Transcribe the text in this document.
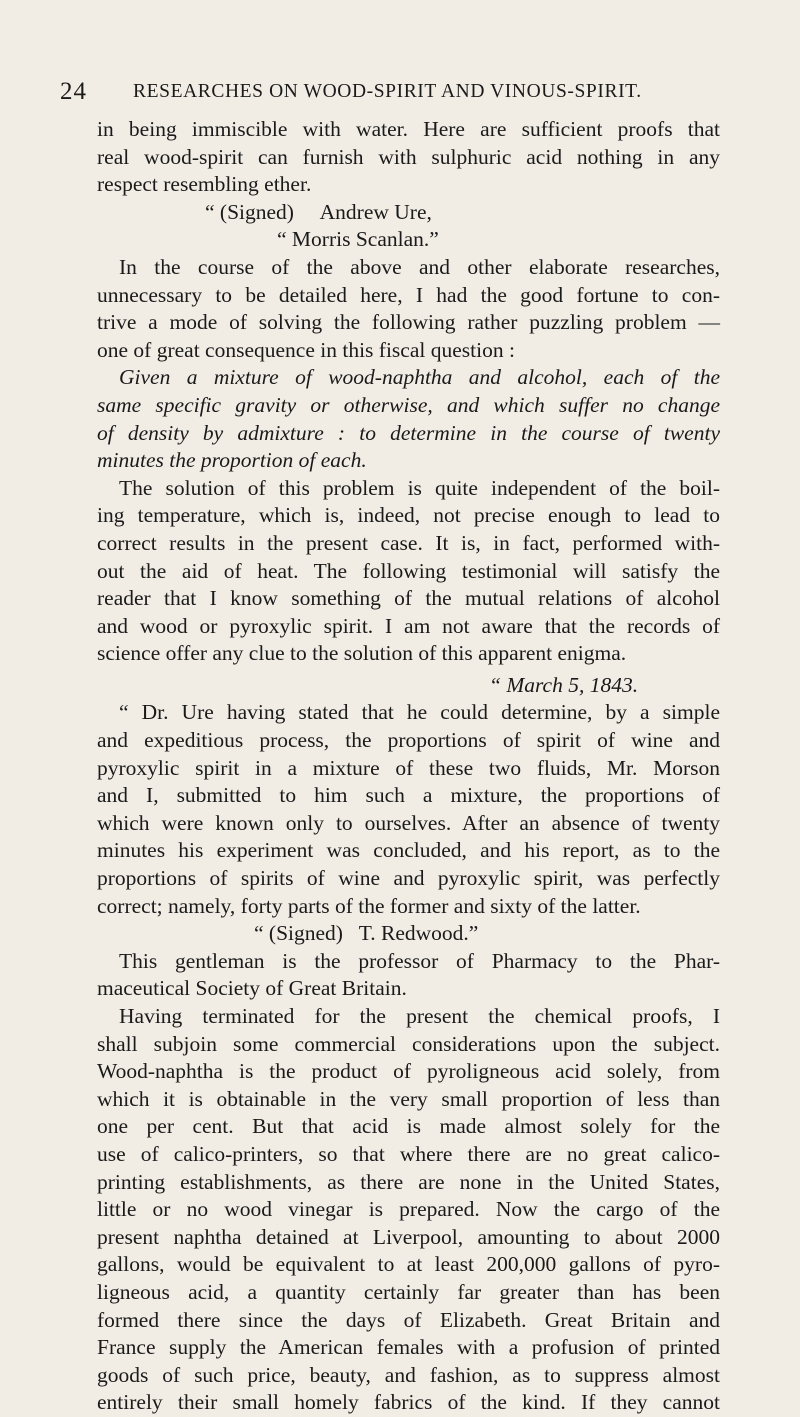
24 RESEARCHES ON WOOD-SPIRIT AND VINOUS-SPIRIT.

in being immiscible with water. Here are sufficient proofs that

real wood-spirit can furnish with sulphuric acid nothing in any

respect resembling ether.

“ (Signed)     Andrew Ure,

“ Morris Scanlan.”

In the course of the above and other elaborate researches,

unnecessary to be detailed here, I had the good fortune to con-

trive a mode of solving the following rather puzzling problem —

one of great consequence in this fiscal question :

Given a mixture of wood-naphtha and alcohol, each of the

same specific gravity or otherwise, and which suffer no change

of density by admixture : to determine in the course of twenty

minutes the proportion of each.

The solution of this problem is quite independent of the boil-

ing temperature, which is, indeed, not precise enough to lead to

correct results in the present case. It is, in fact, performed with-

out the aid of heat. The following testimonial will satisfy the

reader that I know something of the mutual relations of alcohol

and wood or pyroxylic spirit. I am not aware that the records of

science offer any clue to the solution of this apparent enigma.

“ March 5, 1843.

“ Dr. Ure having stated that he could determine, by a simple

and expeditious process, the proportions of spirit of wine and

pyroxylic spirit in a mixture of these two fluids, Mr. Morson

and I, submitted to him such a mixture, the proportions of

which were known only to ourselves. After an absence of twenty

minutes his experiment was concluded, and his report, as to the

proportions of spirits of wine and pyroxylic spirit, was perfectly

correct; namely, forty parts of the former and sixty of the latter.

“ (Signed)   T. Redwood.”

This gentleman is the professor of Pharmacy to the Phar-

maceutical Society of Great Britain.

Having terminated for the present the chemical proofs, I

shall subjoin some commercial considerations upon the subject.

Wood-naphtha is the product of pyroligneous acid solely, from

which it is obtainable in the very small proportion of less than

one per cent. But that acid is made almost solely for the

use of calico-printers, so that where there are no great calico-

printing establishments, as there are none in the United States,

little or no wood vinegar is prepared. Now the cargo of the

present naphtha detained at Liverpool, amounting to about 2000

gallons, would be equivalent to at least 200,000 gallons of pyro-

ligneous acid, a quantity certainly far greater than has been

formed there since the days of Elizabeth. Great Britain and

France supply the American females with a profusion of printed

goods of such price, beauty, and fashion, as to suppress almost

entirely their small homely fabrics of the kind. If they cannot
